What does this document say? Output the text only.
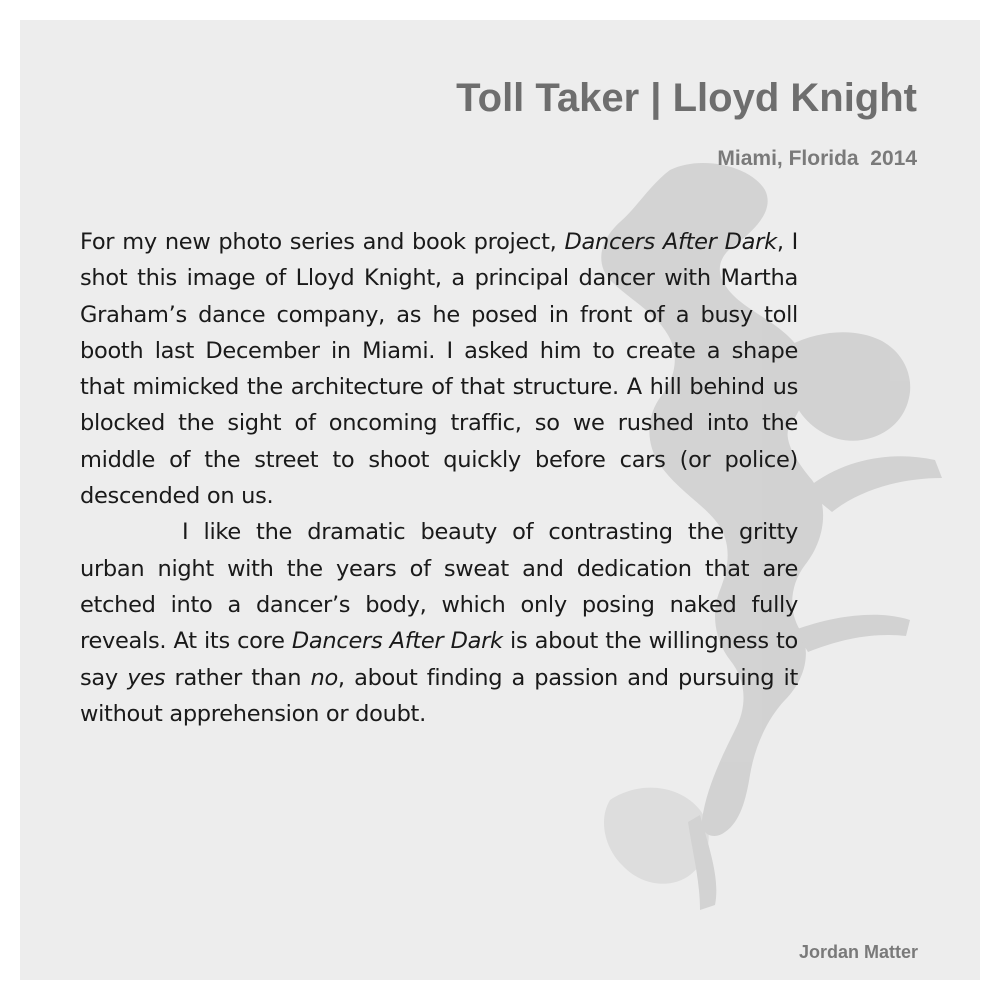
Toll Taker | Lloyd Knight
Miami, Florida  2014

For my new photo series and book project, Dancers After Dark, I shot this image of Lloyd Knight, a principal dancer with Martha Graham’s dance company, as he posed in front of a busy toll booth last December in Miami. I asked him to create a shape that mimicked the architecture of that structure. A hill behind us blocked the sight of oncoming traffic, so we rushed into the middle of the street to shoot quickly before cars (or police) descended on us.

I like the dramatic beauty of contrasting the gritty urban night with the years of sweat and dedication that are etched into a dancer’s body, which only posing naked fully reveals. At its core Dancers After Dark is about the willingness to say yes rather than no, about finding a passion and pursuing it without apprehension or doubt.

Jordan Matter
